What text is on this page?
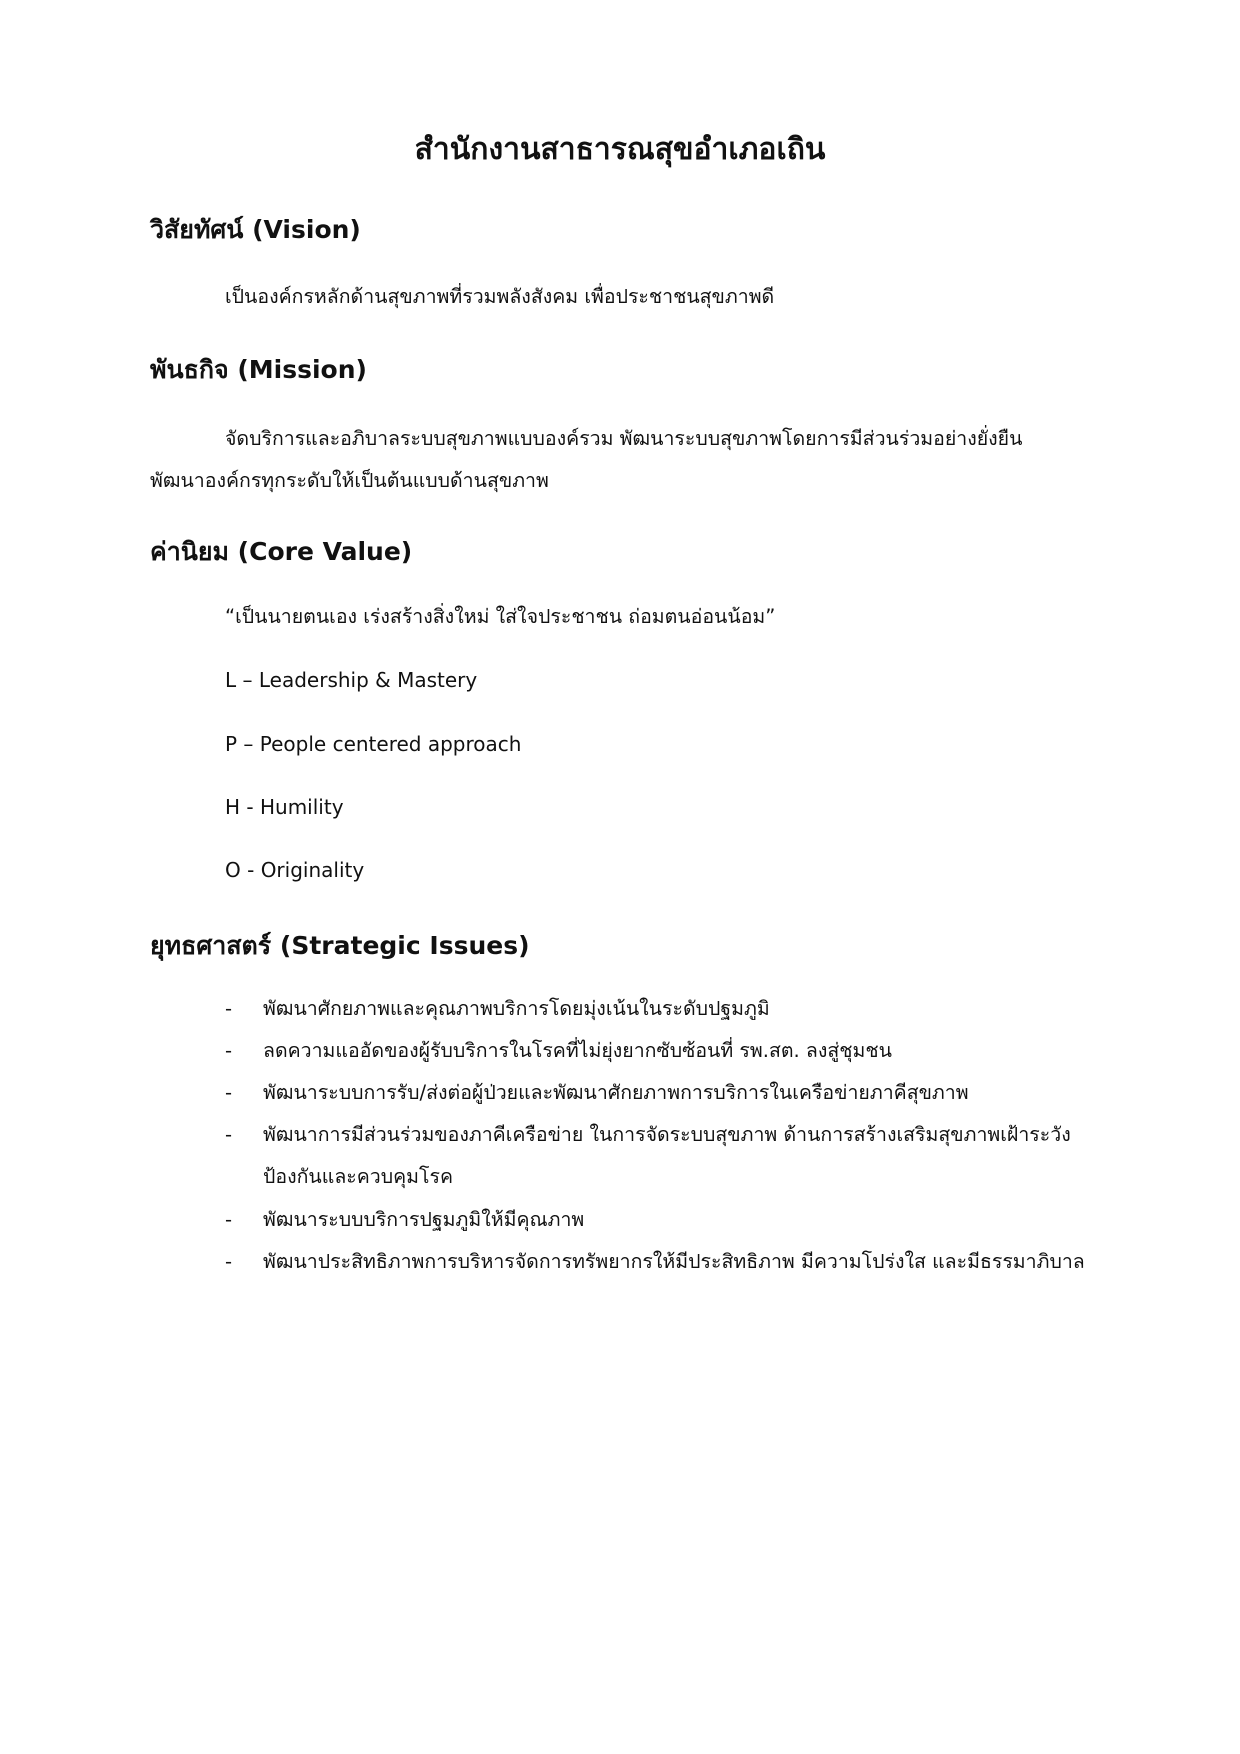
สำนักงานสาธารณสุขอำเภอเถิน
วิสัยทัศน์ (Vision)

เป็นองค์กรหลักด้านสุขภาพที่รวมพลังสังคม เพื่อประชาชนสุขภาพดี

พันธกิจ (Mission)

จัดบริการและอภิบาลระบบสุขภาพแบบองค์รวม พัฒนาระบบสุขภาพโดยการมีส่วนร่วมอย่างยั่งยืน

พัฒนาองค์กรทุกระดับให้เป็นต้นแบบด้านสุขภาพ

ค่านิยม (Core Value)

“เป็นนายตนเอง เร่งสร้างสิ่งใหม่ ใส่ใจประชาชน ถ่อมตนอ่อนน้อม”

L – Leadership & Mastery

P – People centered approach

H - Humility

O - Originality

ยุทธศาสตร์ (Strategic Issues)
- พัฒนาศักยภาพและคุณภาพบริการโดยมุ่งเน้นในระดับปฐมภูมิ
- ลดความแออัดของผู้รับบริการในโรคที่ไม่ยุ่งยากซับซ้อนที่ รพ.สต. ลงสู่ชุมชน
- พัฒนาระบบการรับ/ส่งต่อผู้ป่วยและพัฒนาศักยภาพการบริการในเครือข่ายภาคีสุขภาพ
- พัฒนาการมีส่วนร่วมของภาคีเครือข่าย ในการจัดระบบสุขภาพ ด้านการสร้างเสริมสุขภาพเฝ้าระวังป้องกันและควบคุมโรค
- พัฒนาระบบบริการปฐมภูมิให้มีคุณภาพ
- พัฒนาประสิทธิภาพการบริหารจัดการทรัพยากรให้มีประสิทธิภาพ มีความโปร่งใส และมีธรรมาภิบาล
